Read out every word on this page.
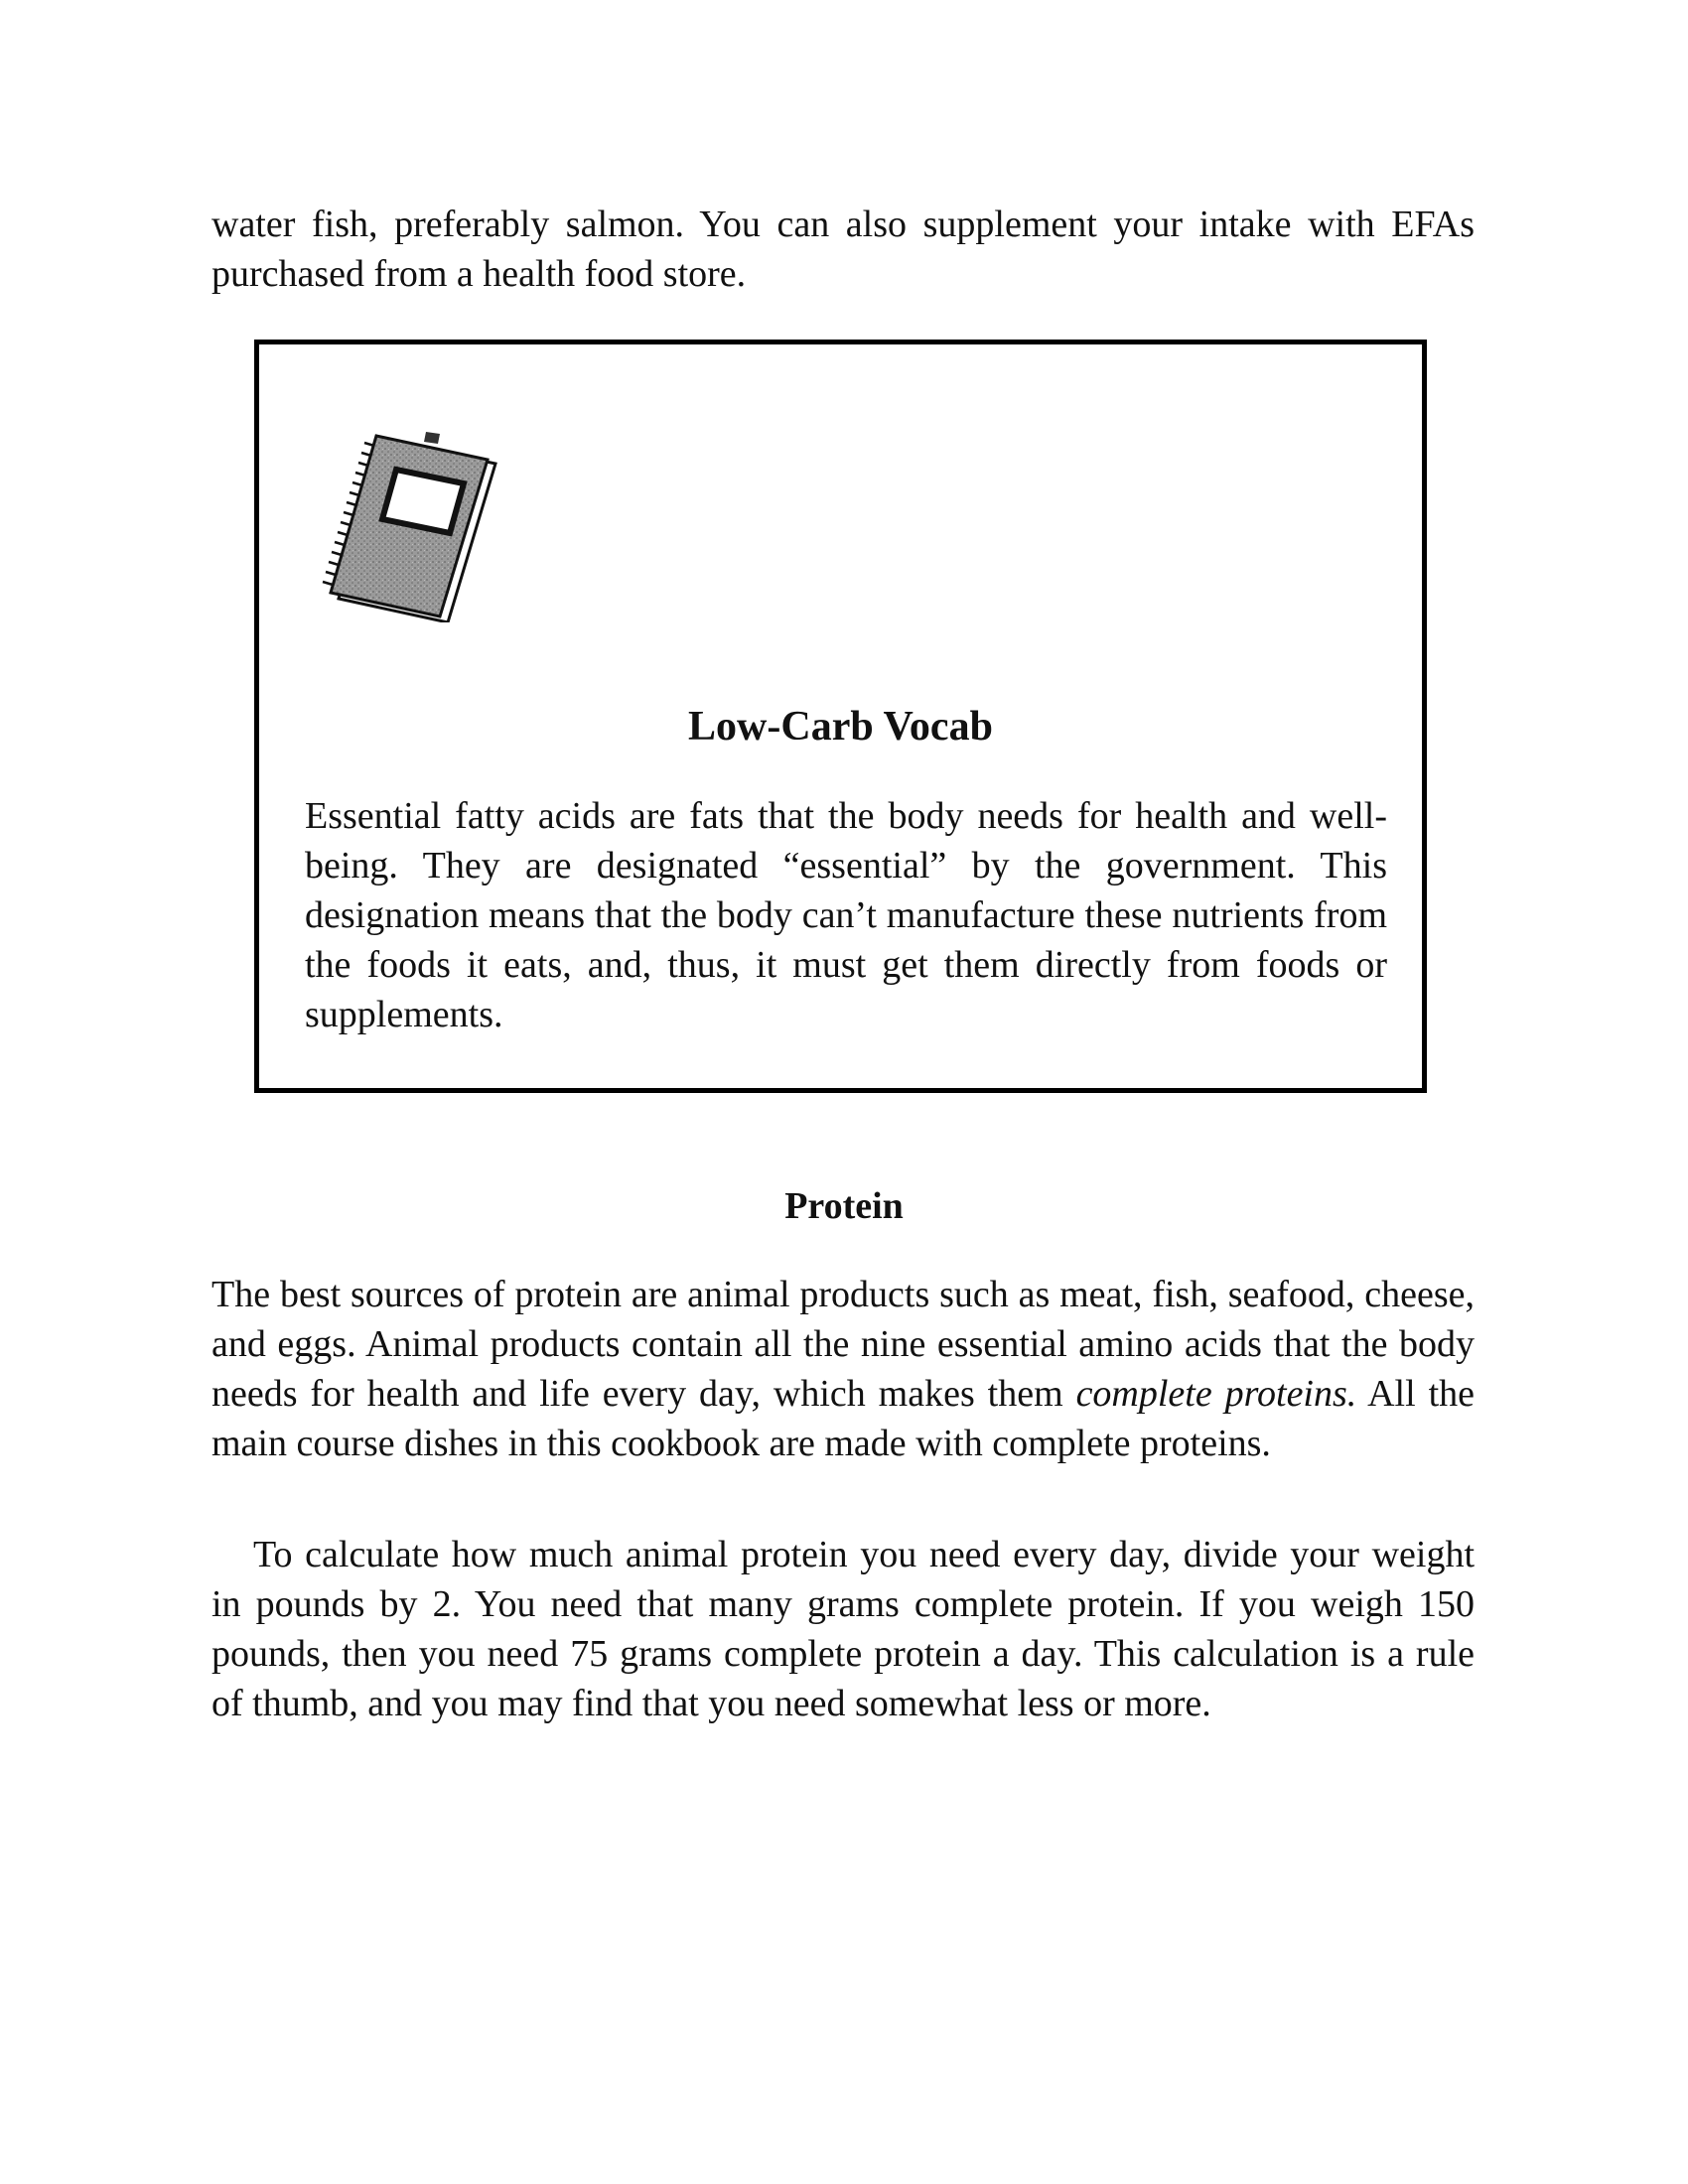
water fish, preferably salmon. You can also supplement your intake with EFAs purchased from a health food store.

Low-Carb Vocab

Essential fatty acids are fats that the body needs for health and well-being. They are designated “essential” by the government. This designation means that the body can’t manufacture these nutrients from the foods it eats, and, thus, it must get them directly from foods or supplements.

Protein

The best sources of protein are animal products such as meat, fish, seafood, cheese, and eggs. Animal products contain all the nine essential amino acids that the body needs for health and life every day, which makes them complete proteins. All the main course dishes in this cookbook are made with complete proteins.

To calculate how much animal protein you need every day, divide your weight in pounds by 2. You need that many grams complete protein. If you weigh 150 pounds, then you need 75 grams complete protein a day. This calculation is a rule of thumb, and you may find that you need somewhat less or more.
